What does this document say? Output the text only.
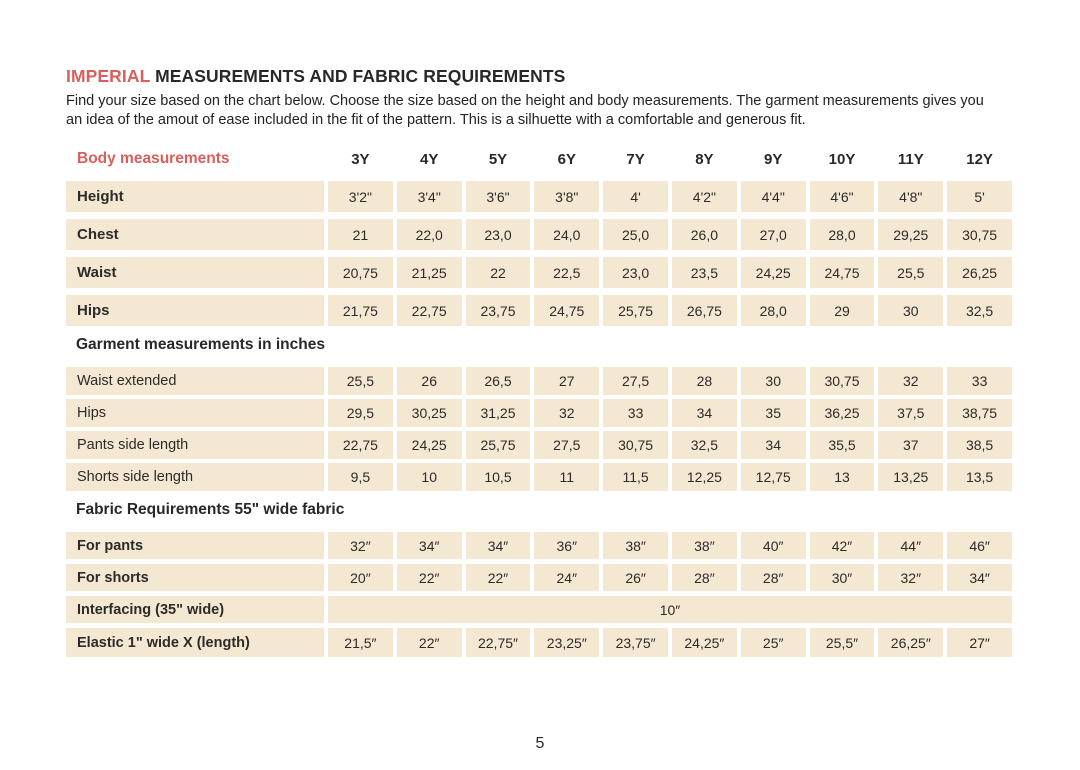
IMPERIAL MEASUREMENTS AND FABRIC REQUIREMENTS
Find your size based on the chart below. Choose the size based on the height and body measurements. The garment measurements gives you an idea of the amout of ease included in the fit of the pattern. This is a silhuette with a comfortable and generous fit.
Body measurements	3Y	4Y	5Y	6Y	7Y	8Y	9Y	10Y	11Y	12Y
Height	3'2"	3'4"	3'6"	3'8"	4'	4'2"	4'4"	4'6"	4'8"	5'
Chest	21	22,0	23,0	24,0	25,0	26,0	27,0	28,0	29,25	30,75
Waist	20,75	21,25	22	22,5	23,0	23,5	24,25	24,75	25,5	26,25
Hips	21,75	22,75	23,75	24,75	25,75	26,75	28,0	29	30	32,5
Garment measurements in inches
Waist extended	25,5	26	26,5	27	27,5	28	30	30,75	32	33
Hips	29,5	30,25	31,25	32	33	34	35	36,25	37,5	38,75
Pants side length	22,75	24,25	25,75	27,5	30,75	32,5	34	35,5	37	38,5
Shorts side length	9,5	10	10,5	11	11,5	12,25	12,75	13	13,25	13,5
Fabric Requirements 55" wide fabric
For pants	32″	34″	34″	36″	38″	38″	40″	42″	44″	46″
For shorts	20″	22″	22″	24″	26″	28″	28″	30″	32″	34″
Interfacing (35" wide)	10″
Elastic 1" wide X (length)	21,5″	22″	22,75″	23,25″	23,75″	24,25″	25″	25,5″	26,25″	27″
5
